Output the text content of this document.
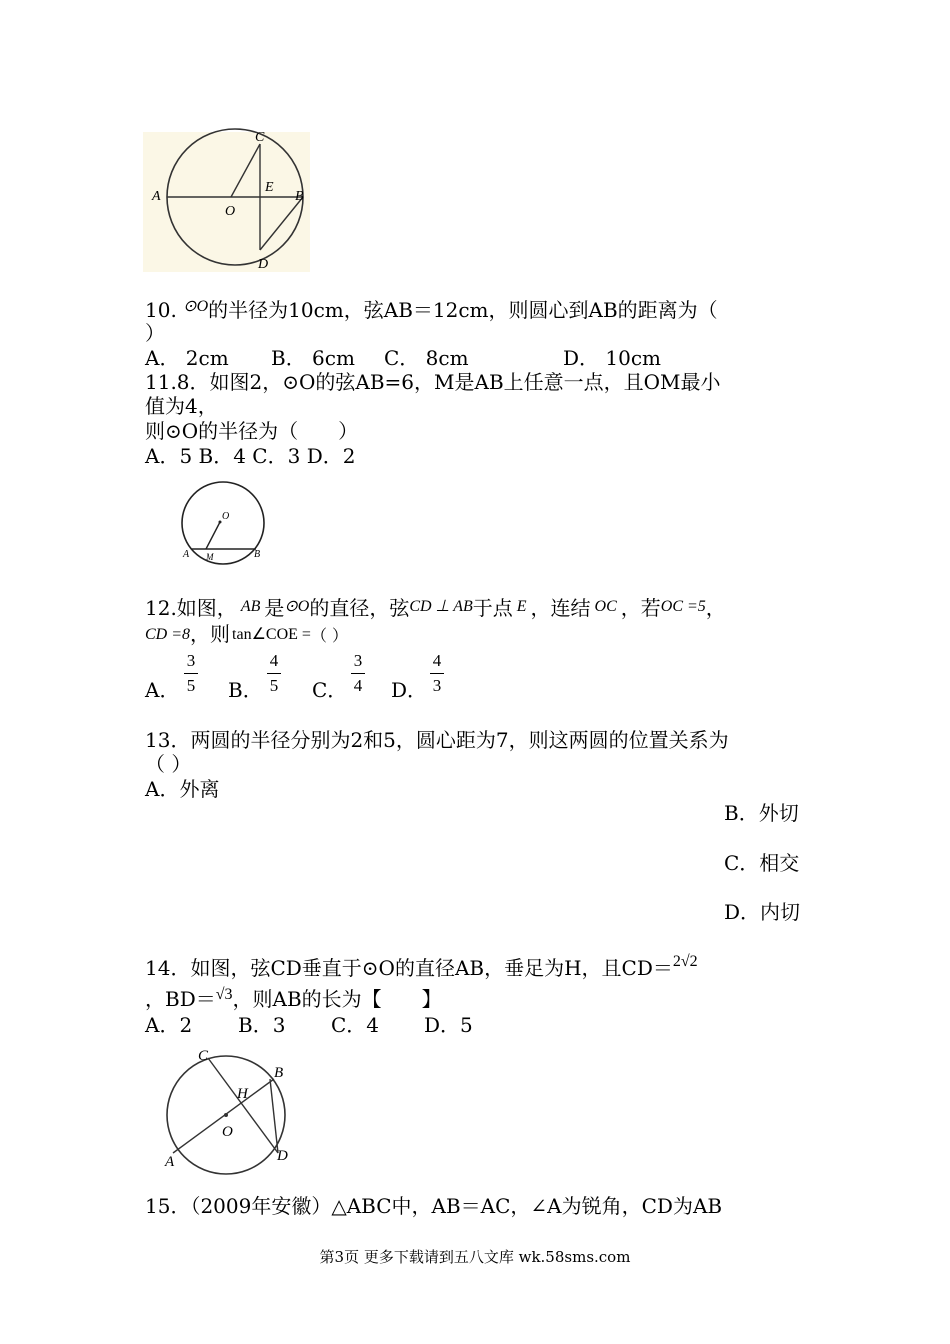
C
A	B
E
O
D
10. $^{⊙O}$的半径为10cm，弦AB＝12cm，则圆心到AB的距离为（
）
A． 2cm B． 6cm C． 8cm	D． 10cm
11.8．如图2，⊙O的弦AB=6，M是AB上任意一点，且OM最小
值为4，
则⊙O的半径为（　　）
A．5 B．4 C．3 D．2
O
A M	B
12.如图， $^{AB}$ 是$^{⊙O}$的直径，弦$^{CD \perp AB}$于点 $^E$ ，连结 $^{OC}$ ，若$^{OC =5}$，
CD =8，则 tan∠COE =（ ）
A．
3
5 B．
4
5 C．
3
4 D．
4
3
13．两圆的半径分别为2和5，圆心距为7，则这两圆的位置关系为
（ ）
A．外离
B．外切
C．相交
D．内切
14．如图，弦CD垂直于⊙O的直径AB，垂足为H，且CD＝$^{2√2}$
，BD＝$^{√3}$，则AB的长为【　　】
A．2 B．3 C．4 D．5
C
B
H
O
A	D
15．（2009年安徽）△ABC中，AB＝AC，∠A为锐角，CD为AB
第3页 更多下载请到五八文库 wk.58sms.com
